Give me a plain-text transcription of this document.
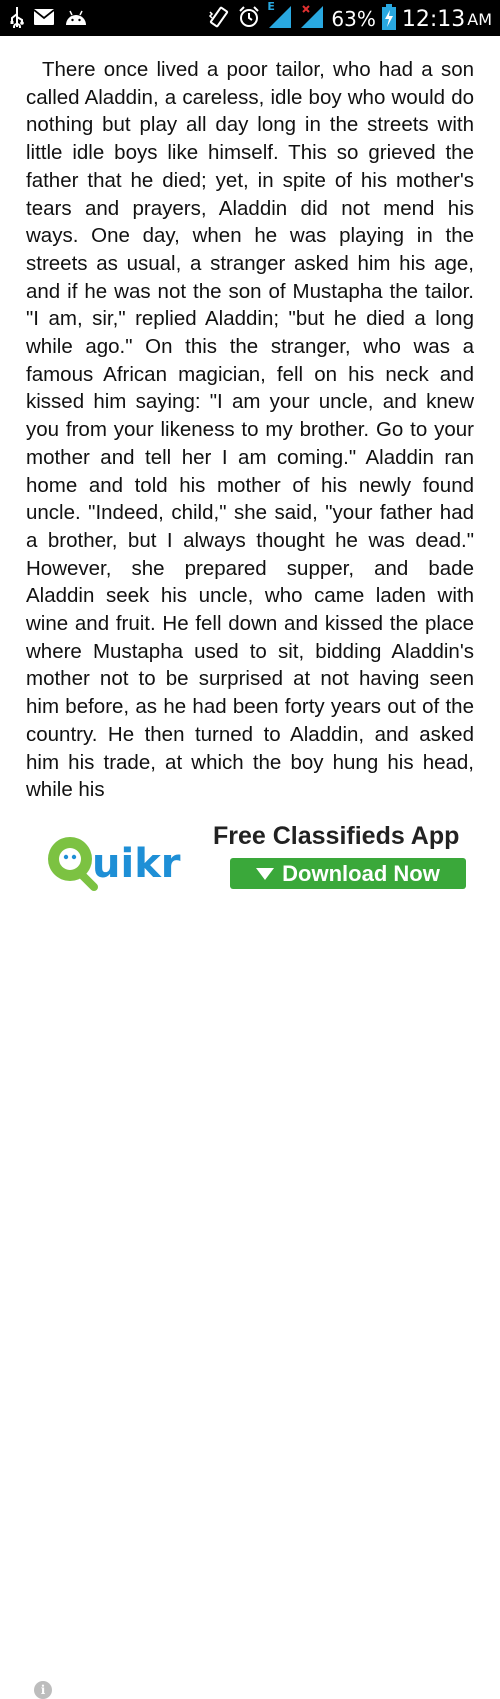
E
63% 12:13 AM

There once lived a poor tailor, who had a son called Aladdin, a careless, idle boy who would do nothing but play all day long in the streets with little idle boys like himself. This so grieved the father that he died; yet, in spite of his mother's tears and prayers, Aladdin did not mend his ways. One day, when he was playing in the streets as usual, a stranger asked him his age, and if he was not the son of Mustapha the tailor. "I am, sir," replied Aladdin; "but he died a long while ago." On this the stranger, who was a famous African magician, fell on his neck and kissed him saying: "I am your uncle, and knew you from your likeness to my brother. Go to your mother and tell her I am coming." Aladdin ran home and told his mother of his newly found uncle. "Indeed, child," she said, "your father had a brother, but I always thought he was dead." However, she prepared supper, and bade Aladdin seek his uncle, who came laden with wine and fruit. He fell down and kissed the place where Mustapha used to sit, bidding Aladdin's mother not to be surprised at not having seen him before, as he had been forty years out of the country. He then turned to Aladdin, and asked him his trade, at which the boy hung his head, while his

uikr
i
Free Classifieds App
Download Now
